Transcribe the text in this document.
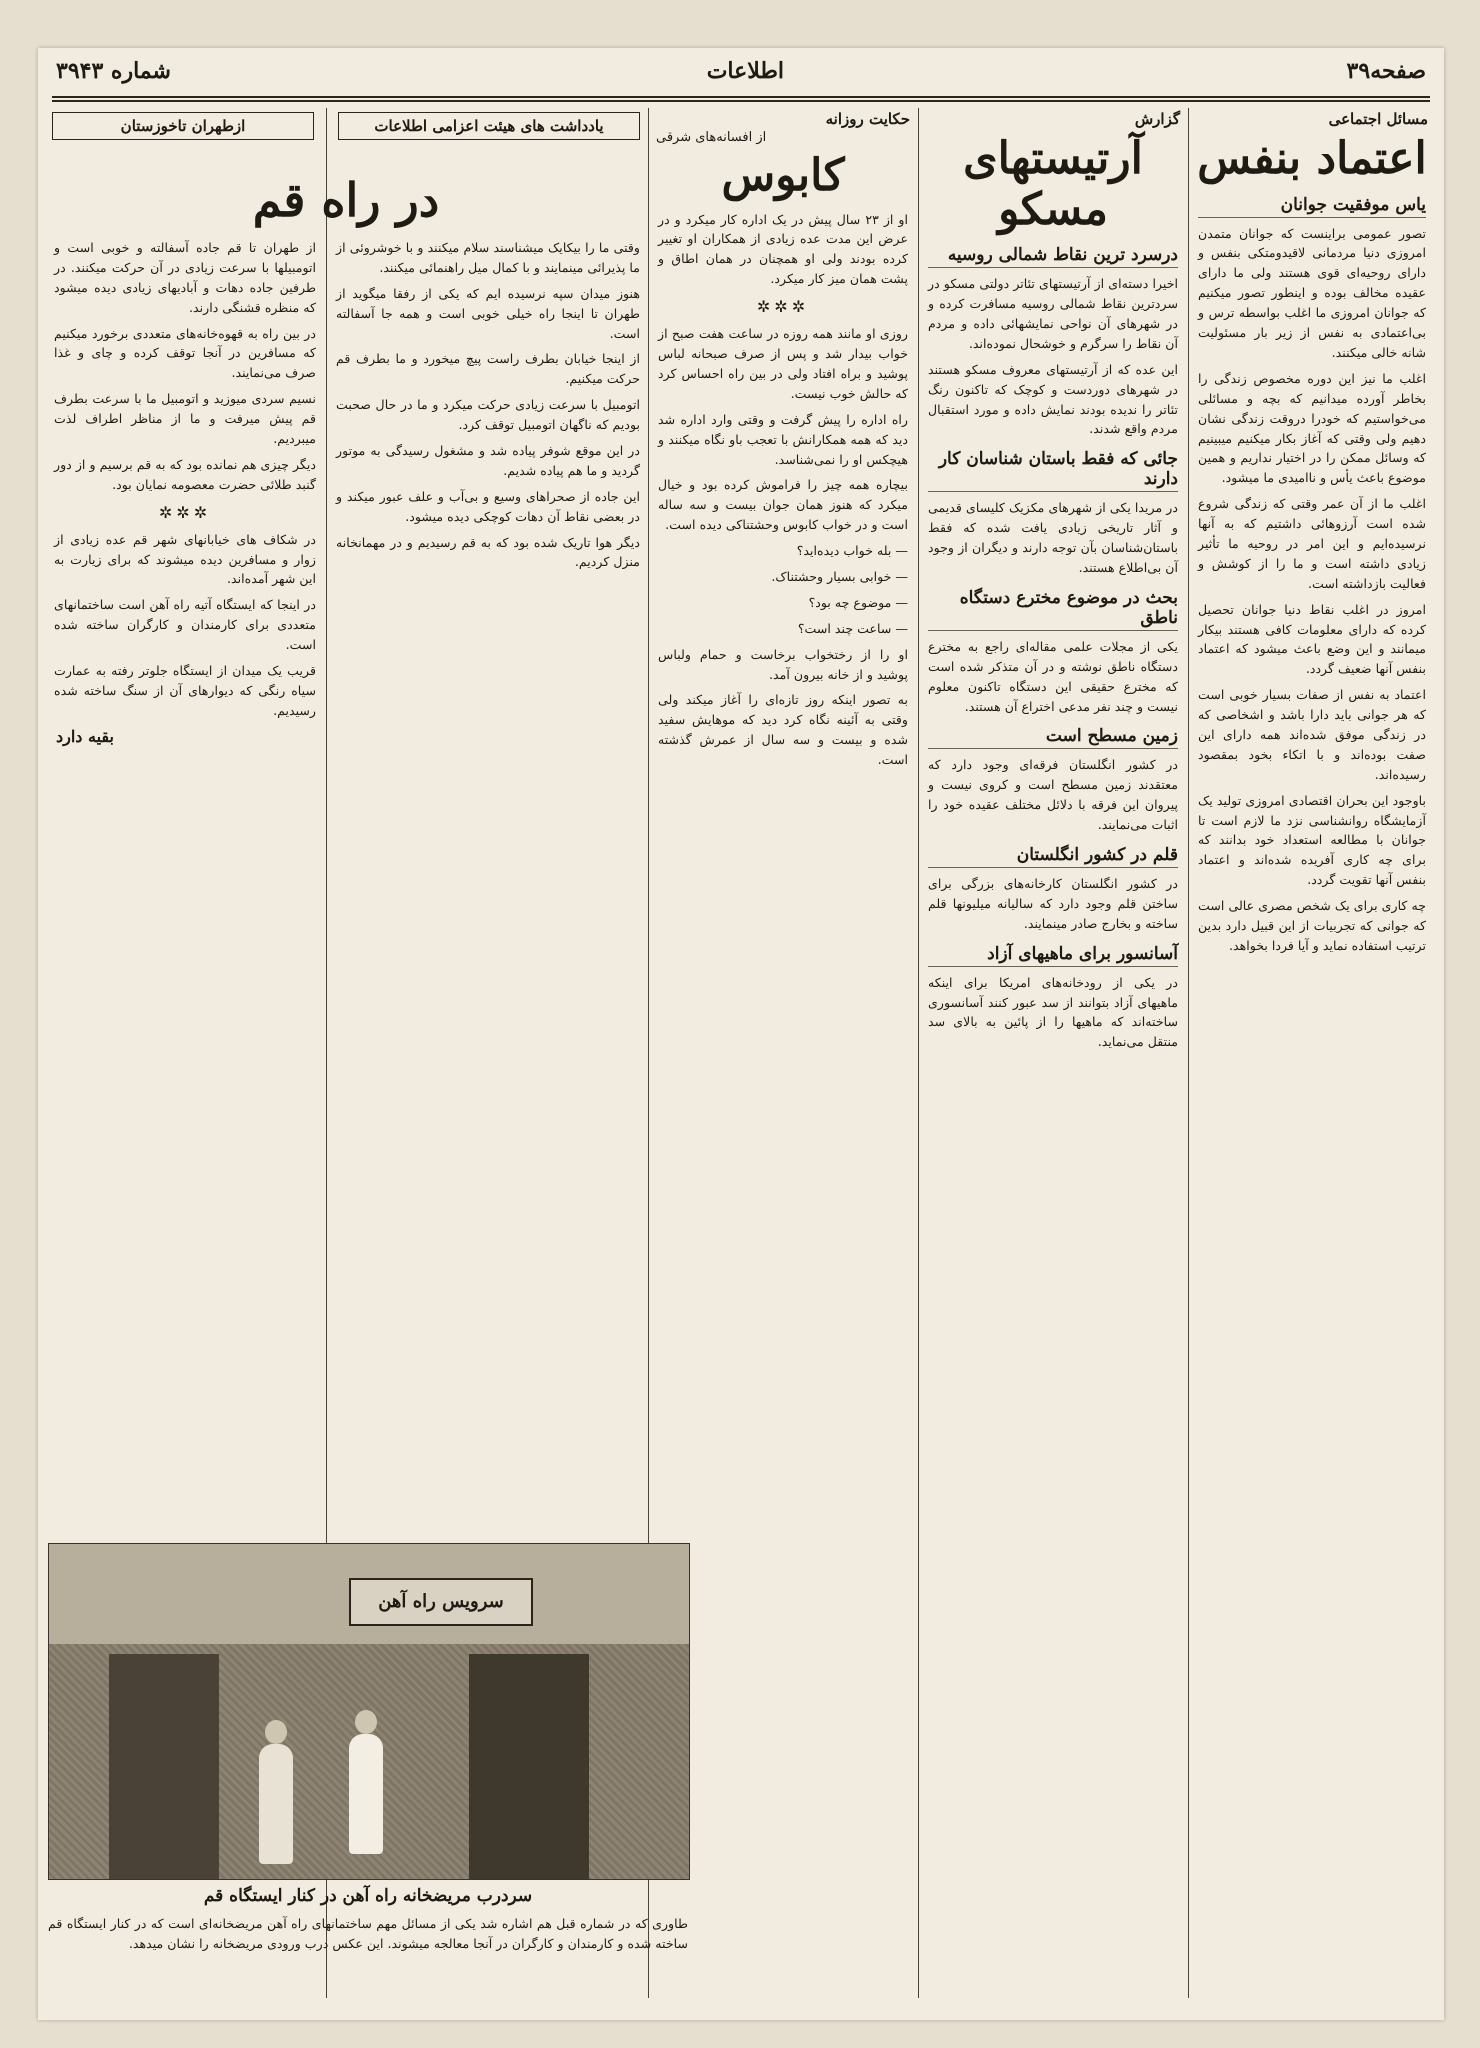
صفحه۳۹
اطلاعات
شماره ۳۹۴۳
مسائل اجتماعی
اعتماد بنفس
یاس موفقیت جوانان

تصور عمومی براینست که جوانان متمدن امروزی دنیا مردمانی لاقیدومتکی بنفس و دارای روحیه‌ای قوی هستند ولی ما دارای عقیده مخالف بوده و اینطور تصور میکنیم که جوانان امروزی ما اغلب بواسطه ترس و بی‌اعتمادی به نفس از زیر بار مسئولیت شانه خالی میکنند.

اغلب ما نیز این دوره مخصوص زندگی را بخاطر آورده میدانیم که بچه و مسائلی می‌خواستیم که خودرا دروقت زندگی نشان دهیم ولی وقتی که آغاز بکار میکنیم میبینیم که وسائل ممکن را در اختیار نداریم و همین موضوع باعث یأس و ناامیدی ما میشود.

اغلب ما از آن عمر وقتی که زندگی شروع شده است آرزوهائی داشتیم که به آنها نرسیده‌ایم و این امر در روحیه ما تأثیر زیادی داشته است و ما را از کوشش و فعالیت بازداشته است.

امروز در اغلب نقاط دنیا جوانان تحصیل کرده که دارای معلومات کافی هستند بیکار میمانند و این وضع باعث میشود که اعتماد بنفس آنها ضعیف گردد.

اعتماد به نفس از صفات بسیار خوبی است که هر جوانی باید دارا باشد و اشخاصی که در زندگی موفق شده‌اند همه دارای این صفت بوده‌اند و با اتکاء بخود بمقصود رسیده‌اند.

باوجود این بحران اقتصادی امروزی تولید یک آزمایشگاه روانشناسی نزد ما لازم است تا جوانان با مطالعه استعداد خود بدانند که برای چه کاری آفریده شده‌اند و اعتماد بنفس آنها تقویت گردد.

چه کاری برای یک شخص مصری عالی است که جوانی که تجربیات از این قبیل دارد بدین ترتیب استفاده نماید و آیا فردا بخواهد.

گزارش
آرتیستهای مسکو
درسرد ترین نقاط شمالی روسیه

اخیرا دسته‌ای از آرتیستهای تئاتر دولتی مسکو در سردترین نقاط شمالی روسیه مسافرت کرده و در شهرهای آن نواحی نمایشهائی داده و مردم آن نقاط را سرگرم و خوشحال نموده‌اند.

این عده که از آرتیستهای معروف مسکو هستند در شهرهای دوردست و کوچک که تاکنون رنگ تئاتر را ندیده بودند نمایش داده و مورد استقبال مردم واقع شدند.

جائی که فقط باستان شناسان کار دارند

در مریدا یکی از شهرهای مکزیک کلیسای قدیمی و آثار تاریخی زیادی یافت شده که فقط باستان‌شناسان بآن توجه دارند و دیگران از وجود آن بی‌اطلاع هستند.

بحث در موضوع مخترع دستگاه ناطق

یکی از مجلات علمی مقاله‌ای راجع به مخترع دستگاه ناطق نوشته و در آن متذکر شده است که مخترع حقیقی این دستگاه تاکنون معلوم نیست و چند نفر مدعی اختراع آن هستند.

زمین مسطح است

در کشور انگلستان فرقه‌ای وجود دارد که معتقدند زمین مسطح است و کروی نیست و پیروان این فرقه با دلائل مختلف عقیده خود را اثبات می‌نمایند.

قلم در کشور انگلستان

در کشور انگلستان کارخانه‌های بزرگی برای ساختن قلم وجود دارد که سالیانه میلیونها قلم ساخته و بخارج صادر مینمایند.

آسانسور برای ماهیهای آزاد

در یکی از رودخانه‌های امریکا برای اینکه ماهیهای آزاد بتوانند از سد عبور کنند آسانسوری ساخته‌اند که ماهیها را از پائین به بالای سد منتقل می‌نماید.

حکایت روزانه
از افسانه‌های شرقی
کابوس

او از ۲۳ سال پیش در یک اداره کار میکرد و در عرض این مدت عده زیادی از همکاران او تغییر کرده بودند ولی او همچنان در همان اطاق و پشت همان میز کار میکرد.

✲✲✲

روزی او مانند همه روزه در ساعت هفت صبح از خواب بیدار شد و پس از صرف صبحانه لباس پوشید و براه افتاد ولی در بین راه احساس کرد که حالش خوب نیست.

راه اداره را پیش گرفت و وقتی وارد اداره شد دید که همه همکارانش با تعجب باو نگاه میکنند و هیچکس او را نمی‌شناسد.

بیچاره همه چیز را فراموش کرده بود و خیال میکرد که هنوز همان جوان بیست و سه ساله است و در خواب کابوس وحشتناکی دیده است.

— بله خواب دیده‌اید؟

— خوابی بسیار وحشتناک.

— موضوع چه بود؟

— ساعت چند است؟

او را از رختخواب برخاست و حمام ولباس پوشید و از خانه بیرون آمد.

به تصور اینکه روز تازه‌ای را آغاز میکند ولی وقتی به آئینه نگاه کرد دید که موهایش سفید شده و بیست و سه سال از عمرش گذشته است.

یادداشت های هیئت اعزامی اطلاعات
ازطهران تاخوزستان
در راه قم

وقتی ما را بیکایک میشناسند سلام میکنند و با خوشروئی از ما پذیرائی مینمایند و با کمال میل راهنمائی میکنند.

هنوز میدان سپه نرسیده ایم که یکی از رفقا میگوید از طهران تا اینجا راه خیلی خوبی است و همه جا آسفالته است.

از اینجا خیابان بطرف راست پیچ میخورد و ما بطرف قم حرکت میکنیم.

اتومبیل با سرعت زیادی حرکت میکرد و ما در حال صحبت بودیم که ناگهان اتومبیل توقف کرد.

در این موقع شوفر پیاده شد و مشغول رسیدگی به موتور گردید و ما هم پیاده شدیم.

این جاده از صحراهای وسیع و بی‌آب و علف عبور میکند و در بعضی نقاط آن دهات کوچکی دیده میشود.

دیگر هوا تاریک شده بود که به قم رسیدیم و در مهمانخانه منزل کردیم.

از طهران تا قم جاده آسفالته و خوبی است و اتومبیلها با سرعت زیادی در آن حرکت میکنند. در طرفین جاده دهات و آبادیهای زیادی دیده میشود که منظره قشنگی دارند.

در بین راه به قهوه‌خانه‌های متعددی برخورد میکنیم که مسافرین در آنجا توقف کرده و چای و غذا صرف می‌نمایند.

نسیم سردی میوزید و اتومبیل ما با سرعت بطرف قم پیش میرفت و ما از مناظر اطراف لذت میبردیم.

دیگر چیزی هم نمانده بود که به قم برسیم و از دور گنبد طلائی حضرت معصومه نمایان بود.

✲✲✲

در شکاف های خیابانهای شهر قم عده زیادی از زوار و مسافرین دیده میشوند که برای زیارت به این شهر آمده‌اند.

در اینجا که ایستگاه آتیه راه آهن است ساختمانهای متعددی برای کارمندان و کارگران ساخته شده است.

قریب یک میدان از ایستگاه جلوتر رفته به عمارت سیاه رنگی که دیوارهای آن از سنگ ساخته شده رسیدیم.

بقیه دارد
سرویس راه آهن
سردرب مریضخانه راه آهن در کنار ایستگاه قم
طاوری که در شماره قبل هم اشاره شد یکی از مسائل مهم ساختمانهای راه آهن مریضخانه‌ای است که در کنار ایستگاه قم ساخته شده و کارمندان و کارگران در آنجا معالجه میشوند. این عکس درب ورودی مریضخانه را نشان میدهد.
